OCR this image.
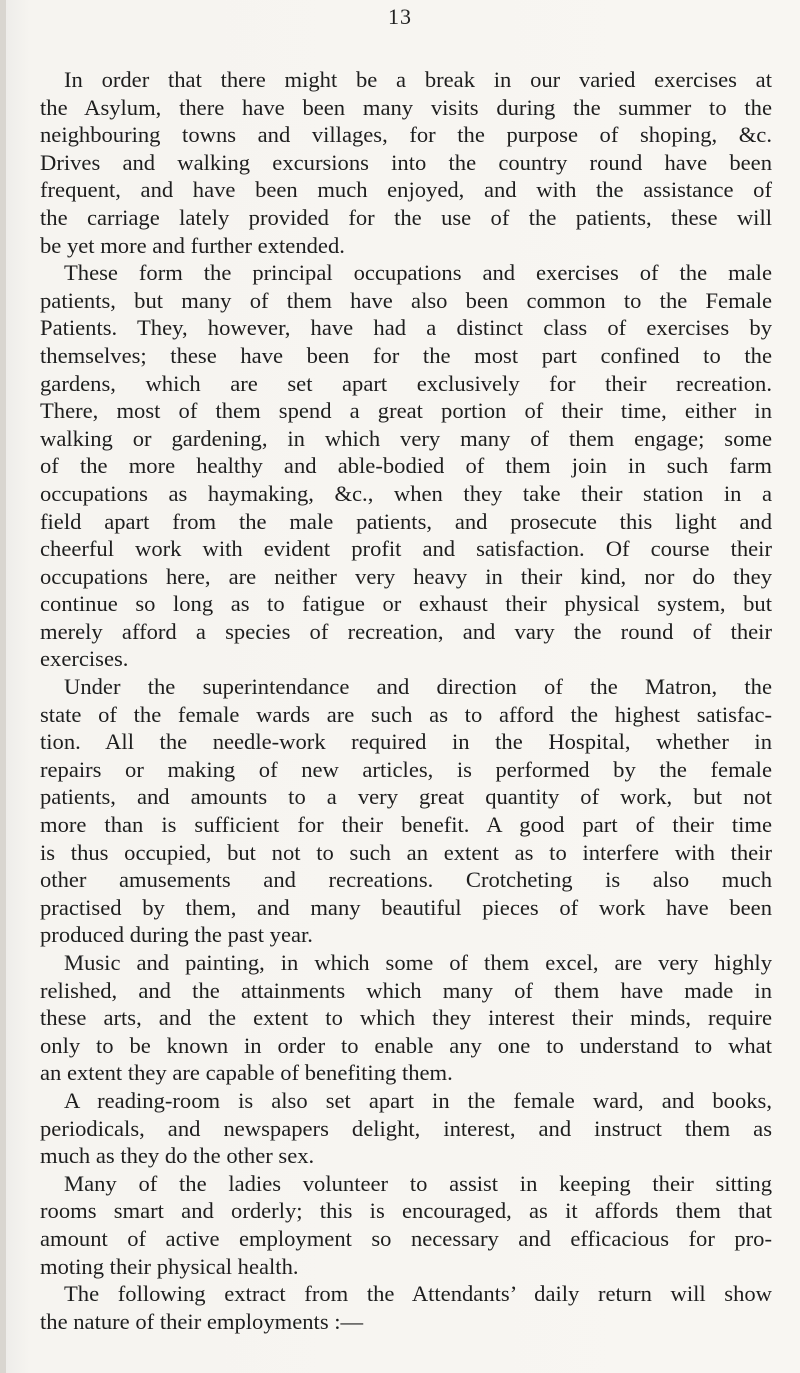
13
In order that there might be a break in our varied exercises at
the Asylum, there have been many visits during the summer to the
neighbouring towns and villages, for the purpose of shoping, &c.
Drives and walking excursions into the country round have been
frequent, and have been much enjoyed, and with the assistance of
the carriage lately provided for the use of the patients, these will
be yet more and further extended.
These form the principal occupations and exercises of the male
patients, but many of them have also been common to the Female
Patients. They, however, have had a distinct class of exercises by
themselves; these have been for the most part confined to the
gardens, which are set apart exclusively for their recreation.
There, most of them spend a great portion of their time, either in
walking or gardening, in which very many of them engage; some
of the more healthy and able-bodied of them join in such farm
occupations as haymaking, &c., when they take their station in a
field apart from the male patients, and prosecute this light and
cheerful work with evident profit and satisfaction. Of course their
occupations here, are neither very heavy in their kind, nor do they
continue so long as to fatigue or exhaust their physical system, but
merely afford a species of recreation, and vary the round of their
exercises.
Under the superintendance and direction of the Matron, the
state of the female wards are such as to afford the highest satisfac-
tion. All the needle-work required in the Hospital, whether in
repairs or making of new articles, is performed by the female
patients, and amounts to a very great quantity of work, but not
more than is sufficient for their benefit. A good part of their time
is thus occupied, but not to such an extent as to interfere with their
other amusements and recreations. Crotcheting is also much
practised by them, and many beautiful pieces of work have been
produced during the past year.
Music and painting, in which some of them excel, are very highly
relished, and the attainments which many of them have made in
these arts, and the extent to which they interest their minds, require
only to be known in order to enable any one to understand to what
an extent they are capable of benefiting them.
A reading-room is also set apart in the female ward, and books,
periodicals, and newspapers delight, interest, and instruct them as
much as they do the other sex.
Many of the ladies volunteer to assist in keeping their sitting
rooms smart and orderly; this is encouraged, as it affords them that
amount of active employment so necessary and efficacious for pro-
moting their physical health.
The following extract from the Attendants’ daily return will show
the nature of their employments :—
